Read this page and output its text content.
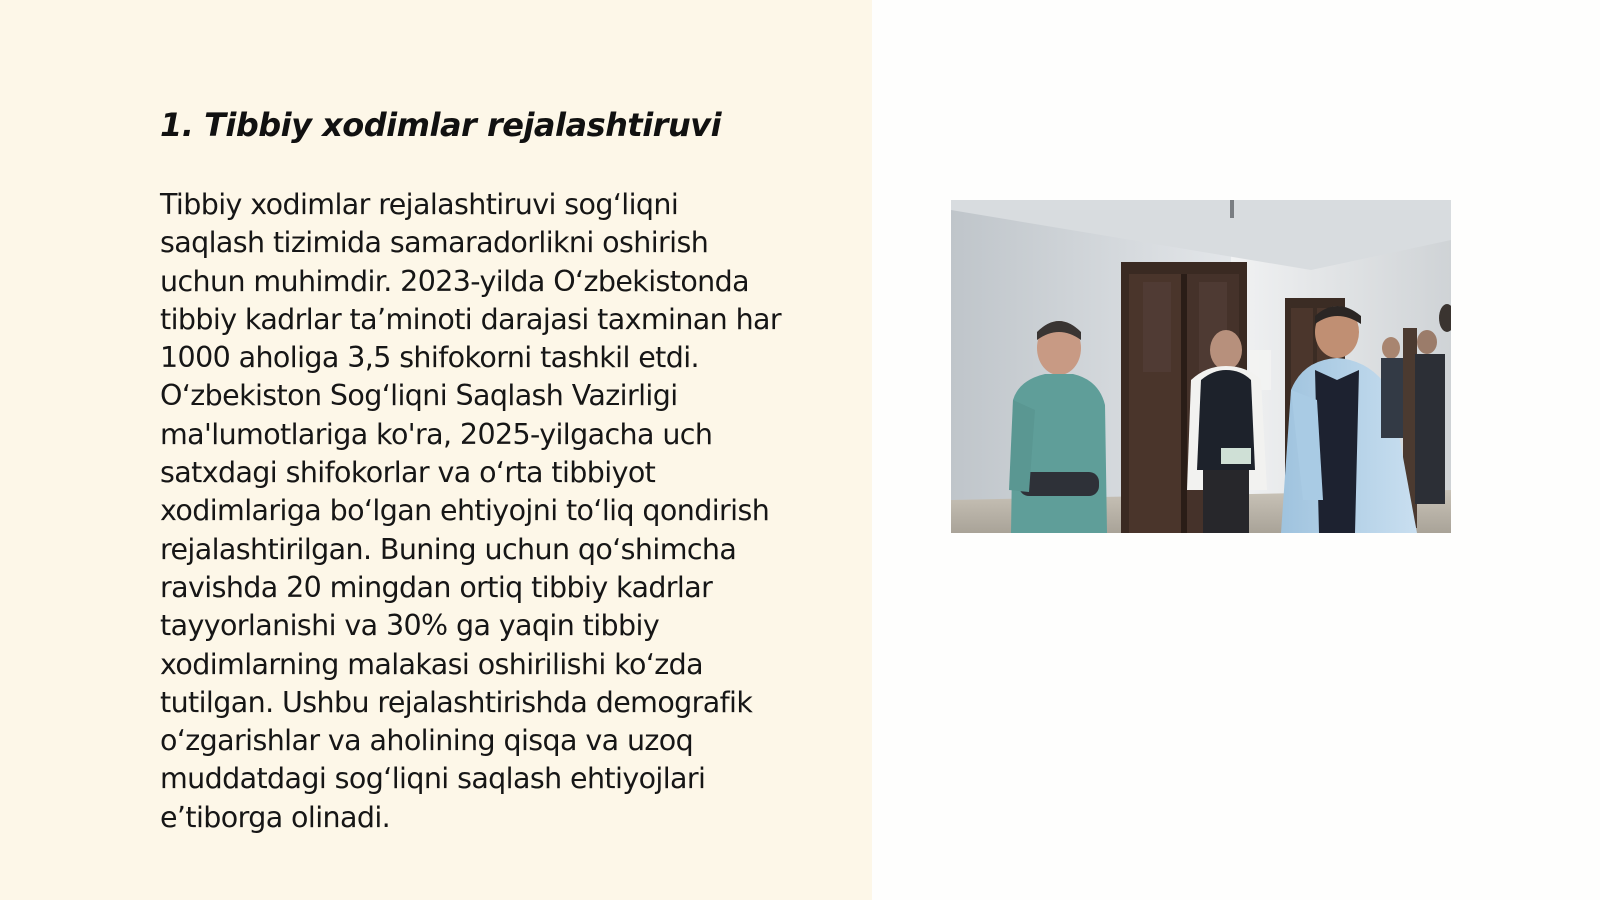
1. Tibbiy xodimlar rejalashtiruvi

Tibbiy xodimlar rejalashtiruvi sogʻliqni
saqlash tizimida samaradorlikni oshirish
uchun muhimdir. 2023-yilda Oʻzbekistonda
tibbiy kadrlar taʼminoti darajasi taxminan har
1000 aholiga 3,5 shifokorni tashkil etdi.
Oʻzbekiston Sogʻliqni Saqlash Vazirligi
ma'lumotlariga ko'ra, 2025-yilgacha uch
satxdagi shifokorlar va oʻrta tibbiyot
xodimlariga boʻlgan ehtiyojni toʻliq qondirish
rejalashtirilgan. Buning uchun qoʻshimcha
ravishda 20 mingdan ortiq tibbiy kadrlar
tayyorlanishi va 30% ga yaqin tibbiy
xodimlarning malakasi oshirilishi koʻzda
tutilgan. Ushbu rejalashtirishda demografik
oʻzgarishlar va aholining qisqa va uzoq
muddatdagi sogʻliqni saqlash ehtiyojlari
eʼtiborga olinadi.
